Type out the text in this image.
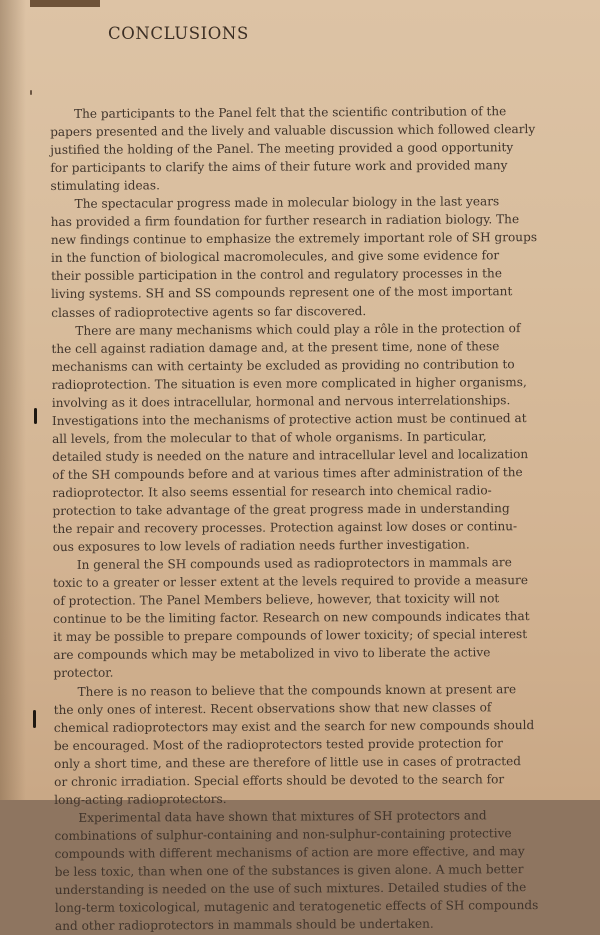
CONCLUSIONS
The participants to the Panel felt that the scientific contribution of the
papers presented and the lively and valuable discussion which followed clearly
justified the holding of the Panel. The meeting provided a good opportunity
for participants to clarify the aims of their future work and provided many
stimulating ideas.
The spectacular progress made in molecular biology in the last years
has provided a firm foundation for further research in radiation biology. The
new findings continue to emphasize the extremely important role of SH groups
in the function of biological macromolecules, and give some evidence for
their possible participation in the control and regulatory processes in the
living systems. SH and SS compounds represent one of the most important
classes of radioprotective agents so far discovered.
There are many mechanisms which could play a rôle in the protection of
the cell against radiation damage and, at the present time, none of these
mechanisms can with certainty be excluded as providing no contribution to
radioprotection. The situation is even more complicated in higher organisms,
involving as it does intracellular, hormonal and nervous interrelationships.
Investigations into the mechanisms of protective action must be continued at
all levels, from the molecular to that of whole organisms. In particular,
detailed study is needed on the nature and intracellular level and localization
of the SH compounds before and at various times after administration of the
radioprotector. It also seems essential for research into chemical radio-
protection to take advantage of the great progress made in understanding
the repair and recovery processes. Protection against low doses or continu-
ous exposures to low levels of radiation needs further investigation.
In general the SH compounds used as radioprotectors in mammals are
toxic to a greater or lesser extent at the levels required to provide a measure
of protection. The Panel Members believe, however, that toxicity will not
continue to be the limiting factor. Research on new compounds indicates that
it may be possible to prepare compounds of lower toxicity; of special interest
are compounds which may be metabolized in vivo to liberate the active
protector.
There is no reason to believe that the compounds known at present are
the only ones of interest. Recent observations show that new classes of
chemical radioprotectors may exist and the search for new compounds should
be encouraged. Most of the radioprotectors tested provide protection for
only a short time, and these are therefore of little use in cases of protracted
or chronic irradiation. Special efforts should be devoted to the search for
long-acting radioprotectors.
Experimental data have shown that mixtures of SH protectors and
combinations of sulphur-containing and non-sulphur-containing protective
compounds with different mechanisms of action are more effective, and may
be less toxic, than when one of the substances is given alone. A much better
understanding is needed on the use of such mixtures. Detailed studies of the
long-term toxicological, mutagenic and teratogenetic effects of SH compounds
and other radioprotectors in mammals should be undertaken.
